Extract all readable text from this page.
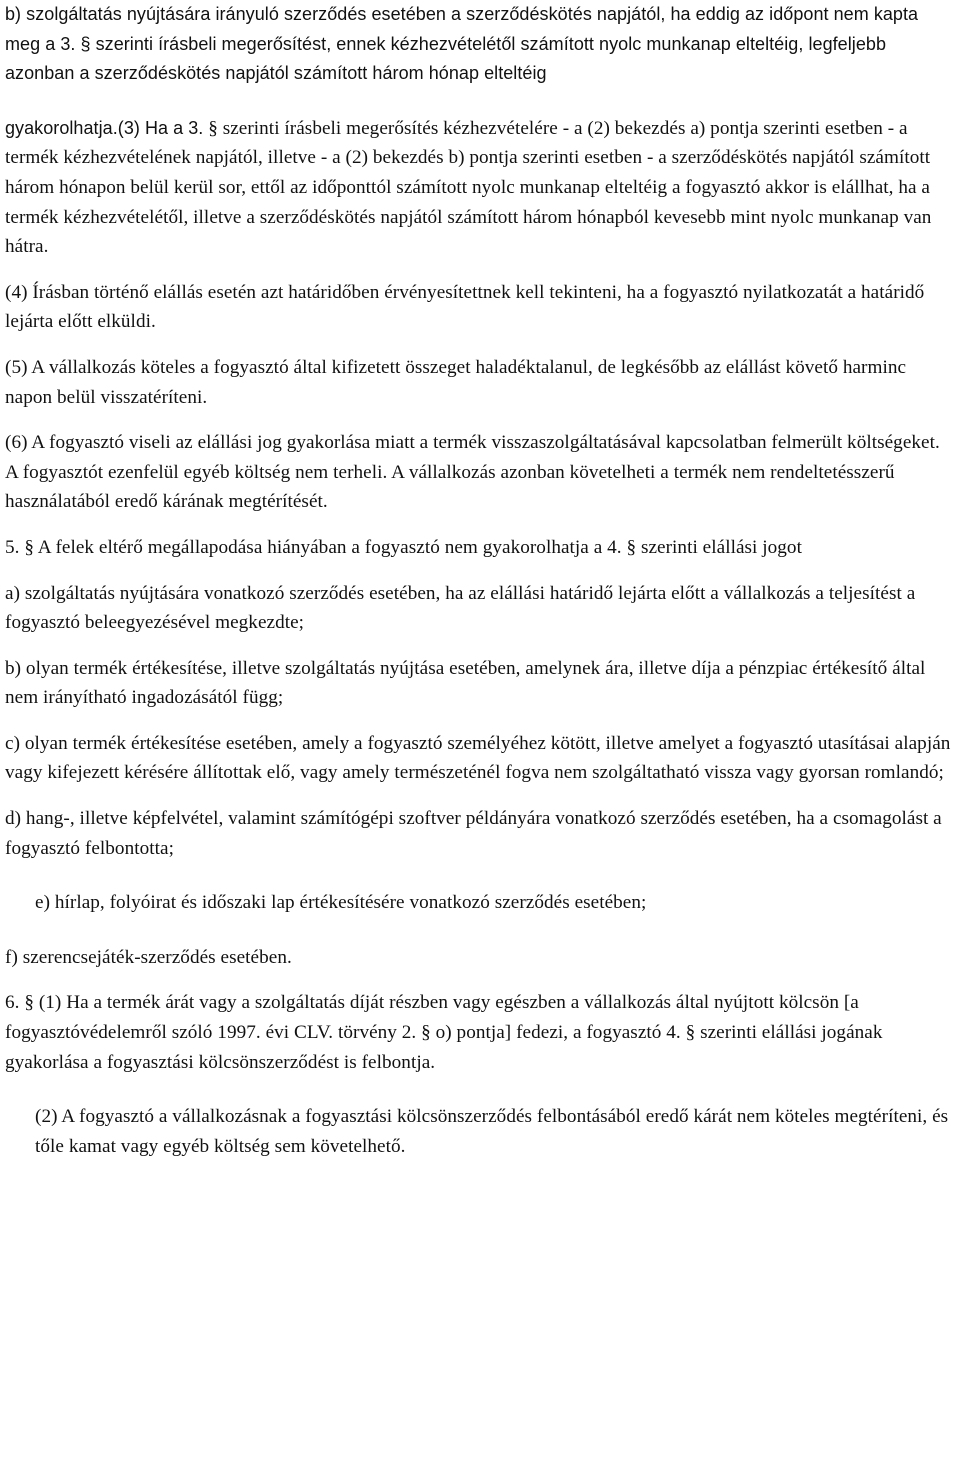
b) szolgáltatás nyújtására irányuló szerződés esetében a szerződéskötés napjától, ha eddig az időpont nem kapta meg a 3. § szerinti írásbeli megerősítést, ennek kézhezvételétől számított nyolc munkanap elteltéig, legfeljebb azonban a szerződéskötés napjától számított három hónap elteltéig

gyakorolhatja.(3) Ha a 3. § szerinti írásbeli megerősítés kézhezvételére - a (2) bekezdés a) pontja szerinti esetben - a termék kézhezvételének napjától, illetve - a (2) bekezdés b) pontja szerinti esetben - a szerződéskötés napjától számított három hónapon belül kerül sor, ettől az időponttól számított nyolc munkanap elteltéig a fogyasztó akkor is elállhat, ha a termék kézhezvételétől, illetve a szerződéskötés napjától számított három hónapból kevesebb mint nyolc munkanap van hátra.

(4) Írásban történő elállás esetén azt határidőben érvényesítettnek kell tekinteni, ha a fogyasztó nyilatkozatát a határidő lejárta előtt elküldi.

(5) A vállalkozás köteles a fogyasztó által kifizetett összeget haladéktalanul, de legkésőbb az elállást követő harminc napon belül visszatéríteni.

(6) A fogyasztó viseli az elállási jog gyakorlása miatt a termék visszaszolgáltatásával kapcsolatban felmerült költségeket. A fogyasztót ezenfelül egyéb költség nem terheli. A vállalkozás azonban követelheti a termék nem rendeltetésszerű használatából eredő kárának megtérítését.

5. § A felek eltérő megállapodása hiányában a fogyasztó nem gyakorolhatja a 4. § szerinti elállási jogot

a) szolgáltatás nyújtására vonatkozó szerződés esetében, ha az elállási határidő lejárta előtt a vállalkozás a teljesítést a fogyasztó beleegyezésével megkezdte;

b) olyan termék értékesítése, illetve szolgáltatás nyújtása esetében, amelynek ára, illetve díja a pénzpiac értékesítő által nem irányítható ingadozásától függ;

c) olyan termék értékesítése esetében, amely a fogyasztó személyéhez kötött, illetve amelyet a fogyasztó utasításai alapján vagy kifejezett kérésére állítottak elő, vagy amely természeténél fogva nem szolgáltatható vissza vagy gyorsan romlandó;

d) hang-, illetve képfelvétel, valamint számítógépi szoftver példányára vonatkozó szerződés esetében, ha a csomagolást a fogyasztó felbontotta;

e) hírlap, folyóirat és időszaki lap értékesítésére vonatkozó szerződés esetében;

f) szerencsejáték-szerződés esetében.

6. § (1) Ha a termék árát vagy a szolgáltatás díját részben vagy egészben a vállalkozás által nyújtott kölcsön [a fogyasztóvédelemről szóló 1997. évi CLV. törvény 2. § o) pontja] fedezi, a fogyasztó 4. § szerinti elállási jogának gyakorlása a fogyasztási kölcsönszerződést is felbontja.

(2) A fogyasztó a vállalkozásnak a fogyasztási kölcsönszerződés felbontásából eredő kárát nem köteles megtéríteni, és tőle kamat vagy egyéb költség sem követelhető.
